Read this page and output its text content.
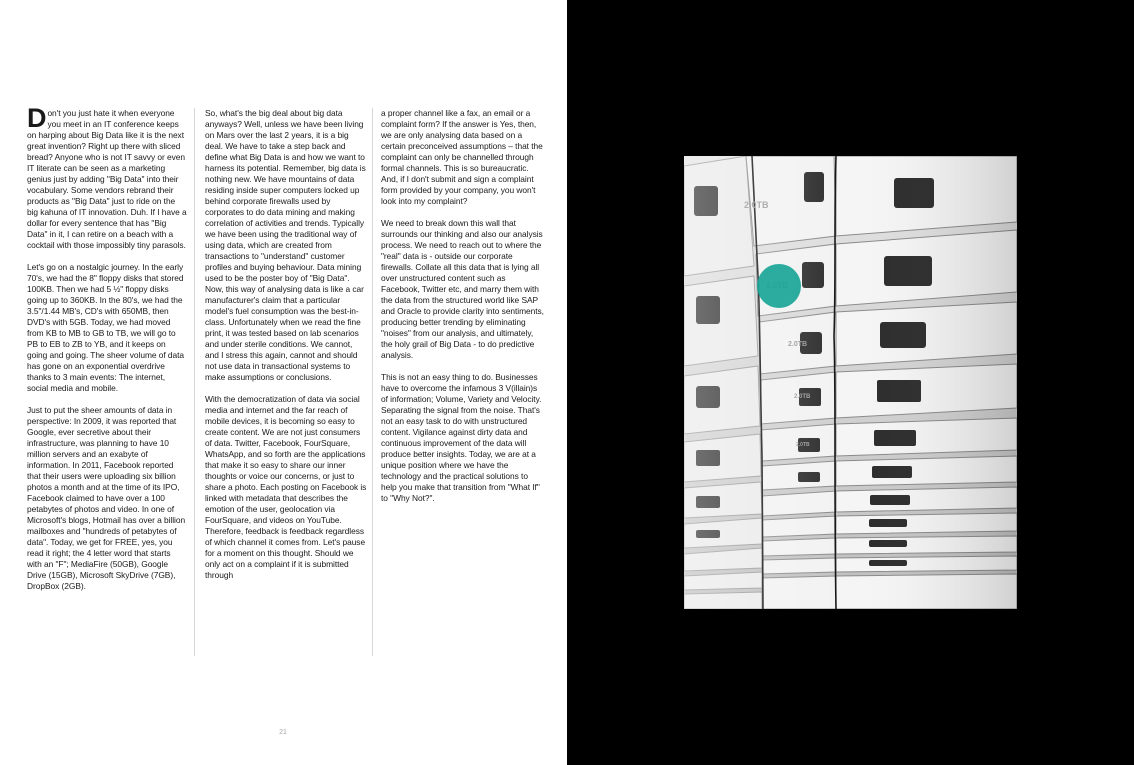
Don't you just hate it when everyone you meet in an IT conference keeps on harping about Big Data like it is the next great invention? Right up there with sliced bread? Anyone who is not IT savvy or even IT literate can be seen as a marketing genius just by adding "Big Data" into their vocabulary. Some vendors rebrand their products as "Big Data" just to ride on the big kahuna of IT innovation. Duh. If I have a dollar for every sentence that has "Big Data" in it, I can retire on a beach with a cocktail with those impossibly tiny parasols.

Let's go on a nostalgic journey. In the early 70's, we had the 8" floppy disks that stored 100KB. Then we had 5 ½" floppy disks going up to 360KB. In the 80's, we had the 3.5"/1.44 MB's, CD's with 650MB, then DVD's with 5GB. Today, we had moved from KB to MB to GB to TB, we will go to PB to EB to ZB to YB, and it keeps on going and going. The sheer volume of data has gone on an exponential overdrive thanks to 3 main events: The internet, social media and mobile.

Just to put the sheer amounts of data in perspective: In 2009, it was reported that Google, ever secretive about their infrastructure, was planning to have 10 million servers and an exabyte of information. In 2011, Facebook reported that their users were uploading six billion photos a month and at the time of its IPO, Facebook claimed to have over a 100 petabytes of photos and video. In one of Microsoft's blogs, Hotmail has over a billion mailboxes and "hundreds of petabytes of data". Today, we get for FREE, yes, you read it right; the 4 letter word that starts with an "F"; MediaFire (50GB), Google Drive (15GB), Microsoft SkyDrive (7GB), DropBox (2GB).

So, what's the big deal about big data anyways? Well, unless we have been living on Mars over the last 2 years, it is a big deal. We have to take a step back and define what Big Data is and how we want to harness its potential. Remember, big data is nothing new. We have mountains of data residing inside super computers locked up behind corporate firewalls used by corporates to do data mining and making correlation of activities and trends. Typically we have been using the traditional way of using data, which are created from transactions to "understand" customer profiles and buying behaviour. Data mining used to be the poster boy of "Big Data". Now, this way of analysing data is like a car manufacturer's claim that a particular model's fuel consumption was the best-in-class. Unfortunately when we read the fine print, it was tested based on lab scenarios and under sterile conditions. We cannot, and I stress this again, cannot and should not use data in transactional systems to make assumptions or conclusions.

With the democratization of data via social media and internet and the far reach of mobile devices, it is becoming so easy to create content. We are not just consumers of data. Twitter, Facebook, FourSquare, WhatsApp, and so forth are the applications that make it so easy to share our inner thoughts or voice our concerns, or just to share a photo. Each posting on Facebook is linked with metadata that describes the emotion of the user, geolocation via FourSquare, and videos on YouTube. Therefore, feedback is feedback regardless of which channel it comes from. Let's pause for a moment on this thought. Should we only act on a complaint if it is submitted through

a proper channel like a fax, an email or a complaint form? If the answer is Yes, then, we are only analysing data based on a certain preconceived assumptions – that the complaint can only be channelled through formal channels. This is so bureaucratic. And, if I don't submit and sign a complaint form provided by your company, you won't look into my complaint?

We need to break down this wall that surrounds our thinking and also our analysis process. We need to reach out to where the "real" data is - outside our corporate firewalls. Collate all this data that is lying all over unstructured content such as Facebook, Twitter etc, and marry them with the data from the structured world like SAP and Oracle to provide clarity into sentiments, producing better trending by eliminating "noises" from our analysis, and ultimately, the holy grail of Big Data - to do predictive analysis.

This is not an easy thing to do. Businesses have to overcome the infamous 3 V(illain)s of information; Volume, Variety and Velocity. Separating the signal from the noise. That's not an easy task to do with unstructured content. Vigilance against dirty data and continuous improvement of the data will produce better insights. Today, we are at a unique position where we have the technology and the practical solutions to help you make that transition from "What If" to "Why Not?".

21
